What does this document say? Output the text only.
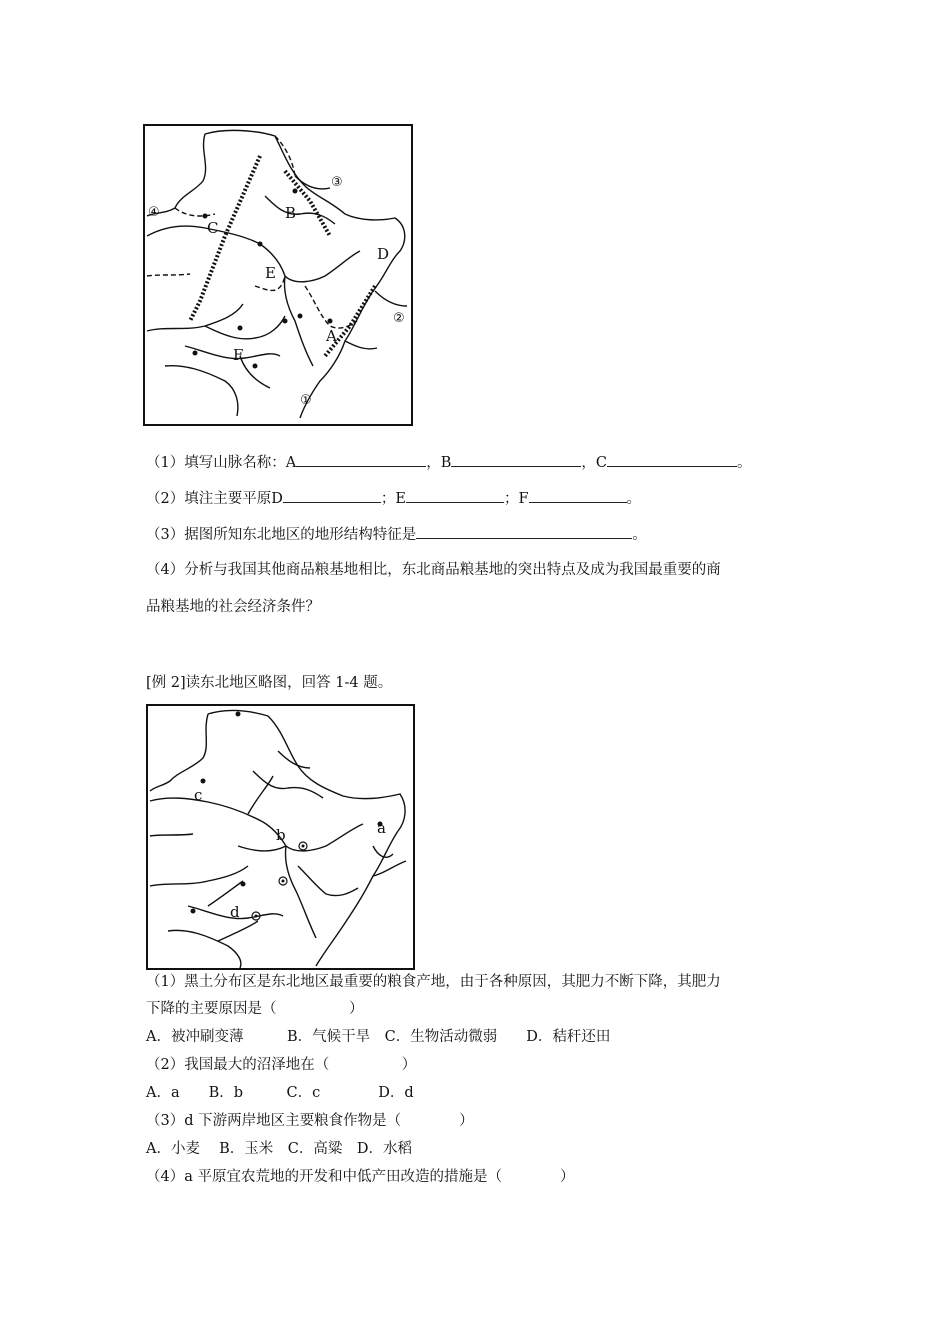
A
B
C
D
E
F
①
②
③
④
（1）填写山脉名称：A	，B	，C	。
（2）填注主要平原D	；E	；F	。
（3）据图所知东北地区的地形结构特征是	。
（4）分析与我国其他商品粮基地相比，东北商品粮基地的突出特点及成为我国最重要的商
品粮基地的社会经济条件？
[例 2]读东北地区略图，回答 1-4 题。
a
b
c
d
（1）黑土分布区是东北地区最重要的粮食产地，由于各种原因，其肥力不断下降，其肥力
下降的主要原因是（　　　　　）
A．被冲刷变薄　　　B．气候干旱　C．生物活动微弱　　D．秸秆还田
（2）我国最大的沼泽地在（　　　　　）
A．a　　B．b　　　C．c　　　　D．d
（3）d 下游两岸地区主要粮食作物是（　　　　）
A．小麦　 B．玉米　C．高粱　D．水稻
（4）a 平原宜农荒地的开发和中低产田改造的措施是（　　　　）
